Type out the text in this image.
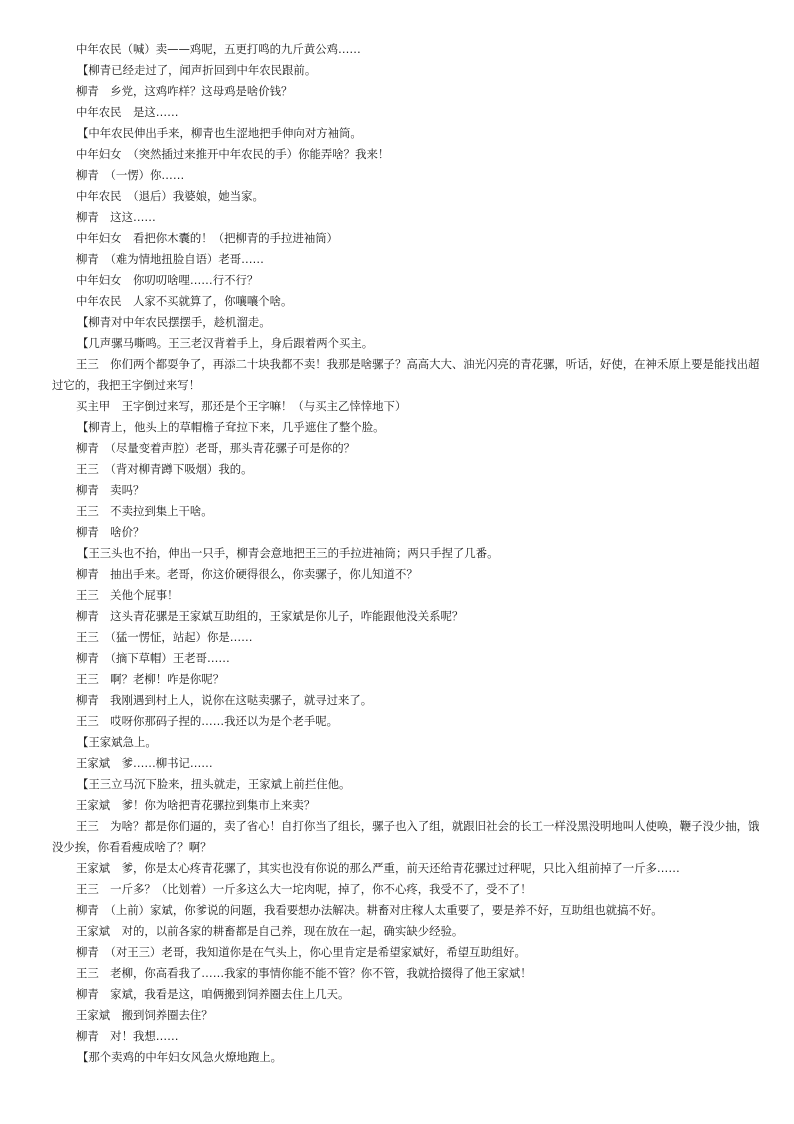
中年农民（喊）卖——鸡呢，五更打鸣的九斤黄公鸡……
【柳青已经走过了，闻声折回到中年农民跟前。
柳青　乡党，这鸡咋样？这母鸡是啥价钱？
中年农民　是这……
【中年农民伸出手来，柳青也生涩地把手伸向对方袖筒。
中年妇女　（突然插过来推开中年农民的手）你能弄啥？我来！
柳青　（一愣）你……
中年农民　（退后）我婆娘，她当家。
柳青　这这……
中年妇女　看把你木囊的！（把柳青的手拉进袖筒）
柳青　（难为情地扭脸自语）老哥……
中年妇女　你叨叨啥哩……行不行？
中年农民　人家不买就算了，你嚷嚷个啥。
【柳青对中年农民摆摆手，趁机溜走。
【几声骡马嘶鸣。王三老汉背着手上，身后跟着两个买主。
王三　你们两个都耍争了，再添二十块我都不卖！我那是啥骡子？高高大大、油光闪亮的青花骡，听话，好使，在神禾原上要是能找出超过它的，我把王字倒过来写！
买主甲　王字倒过来写，那还是个王字嘛！（与买主乙悻悻地下）
【柳青上，他头上的草帽檐子耷拉下来，几乎遮住了整个脸。
柳青　（尽量变着声腔）老哥，那头青花骡子可是你的？
王三　（背对柳青蹲下吸烟）我的。
柳青　卖吗？
王三　不卖拉到集上干啥。
柳青　啥价？
【王三头也不抬，伸出一只手，柳青会意地把王三的手拉进袖筒；两只手捏了几番。
柳青　抽出手来。老哥，你这价硬得很么，你卖骡子，你儿知道不？
王三　关他个屁事！
柳青　这头青花骡是王家斌互助组的，王家斌是你儿子，咋能跟他没关系呢？
王三　（猛一愣怔，站起）你是……
柳青　（摘下草帽）王老哥……
王三　啊？老柳！咋是你呢？
柳青　我刚遇到村上人，说你在这哒卖骡子，就寻过来了。
王三　哎呀你那码子捏的……我还以为是个老手呢。
【王家斌急上。
王家斌　爹……柳书记……
【王三立马沉下脸来，扭头就走，王家斌上前拦住他。
王家斌　爹！你为啥把青花骡拉到集市上来卖？
王三　为啥？都是你们逼的，卖了省心！自打你当了组长，骡子也入了组，就跟旧社会的长工一样没黑没明地叫人使唤，鞭子没少抽，饿没少挨，你看看瘦成啥了？啊？
王家斌　爹，你是太心疼青花骡了，其实也没有你说的那么严重，前天还给青花骡过过秤呢，只比入组前掉了一斤多……
王三　一斤多？（比划着）一斤多这么大一坨肉呢，掉了，你不心疼，我受不了，受不了！
柳青　（上前）家斌，你爹说的问题，我看要想办法解决。耕畜对庄稼人太重要了，要是养不好，互助组也就搞不好。
王家斌　对的，以前各家的耕畜都是自己养，现在放在一起，确实缺少经验。
柳青　（对王三）老哥，我知道你是在气头上，你心里肯定是希望家斌好，希望互助组好。
王三　老柳，你高看我了……我家的事情你能不能不管？你不管，我就拾掇得了他王家斌！
柳青　家斌，我看是这，咱俩搬到饲养圈去住上几天。
王家斌　搬到饲养圈去住？
柳青　对！我想……
【那个卖鸡的中年妇女风急火燎地跑上。
